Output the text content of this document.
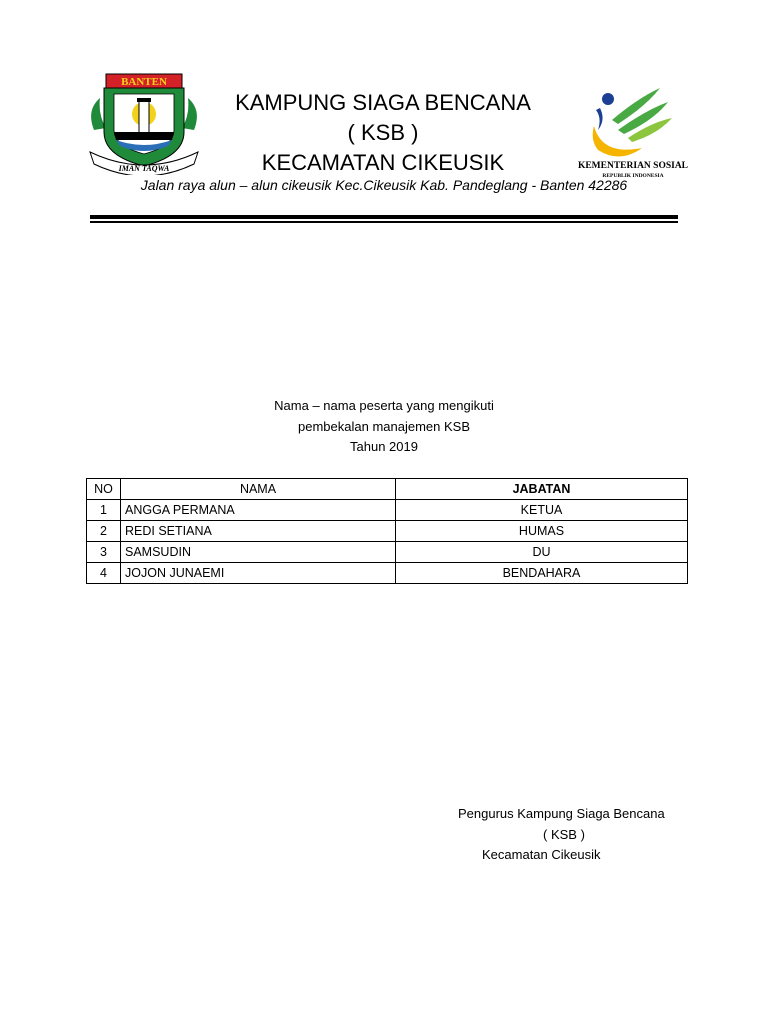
BANTEN
IMAN TAQWA
KAMPUNG SIAGA BENCANA
( KSB )
KECAMATAN CIKEUSIK	KEMENTERIAN SOSIAL
REPUBLIK INDONESIA
Jalan raya alun – alun cikeusik Kec.Cikeusik Kab. Pandeglang - Banten 42286
Nama – nama peserta yang mengikuti
pembekalan manajemen KSB
Tahun 2019
NO	NAMA	JABATAN
1	ANGGA PERMANA	KETUA
2	REDI SETIANA	HUMAS
3	SAMSUDIN	DU
4	JOJON JUNAEMI	BENDAHARA
Pengurus Kampung Siaga Bencana
( KSB )
Kecamatan Cikeusik
